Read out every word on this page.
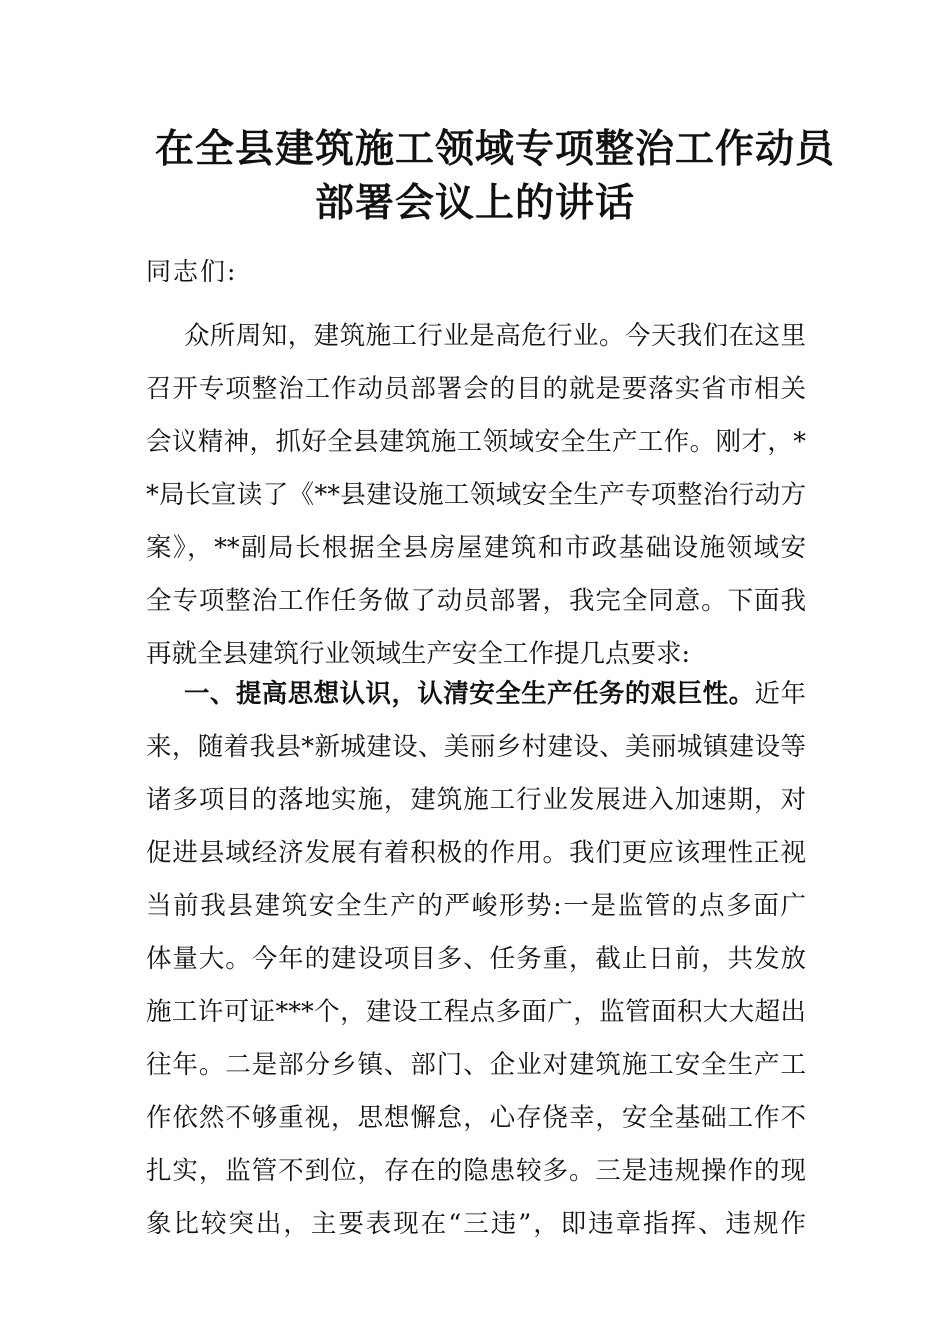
在全县建筑施工领域专项整治工作动员
部署会议上的讲话
同志们:
众所周知，建筑施工行业是高危行业。今天我们在这里
召开专项整治工作动员部署会的目的就是要落实省市相关
会议精神，抓好全县建筑施工领域安全生产工作。刚才，*
*局长宣读了《**县建设施工领域安全生产专项整治行动方
案》，**副局长根据全县房屋建筑和市政基础设施领域安
全专项整治工作任务做了动员部署，我完全同意。下面我
再就全县建筑行业领域生产安全工作提几点要求:
一、提高思想认识，认清安全生产任务的艰巨性。近年
来，随着我县*新城建设、美丽乡村建设、美丽城镇建设等
诸多项目的落地实施，建筑施工行业发展进入加速期，对
促进县域经济发展有着积极的作用。我们更应该理性正视
当前我县建筑安全生产的严峻形势:一是监管的点多面广
体量大。今年的建设项目多、任务重，截止日前，共发放
施工许可证***个，建设工程点多面广，监管面积大大超出
往年。二是部分乡镇、部门、企业对建筑施工安全生产工
作依然不够重视，思想懈怠，心存侥幸，安全基础工作不
扎实，监管不到位，存在的隐患较多。三是违规操作的现
象比较突出，主要表现在“三违”，即违章指挥、违规作
